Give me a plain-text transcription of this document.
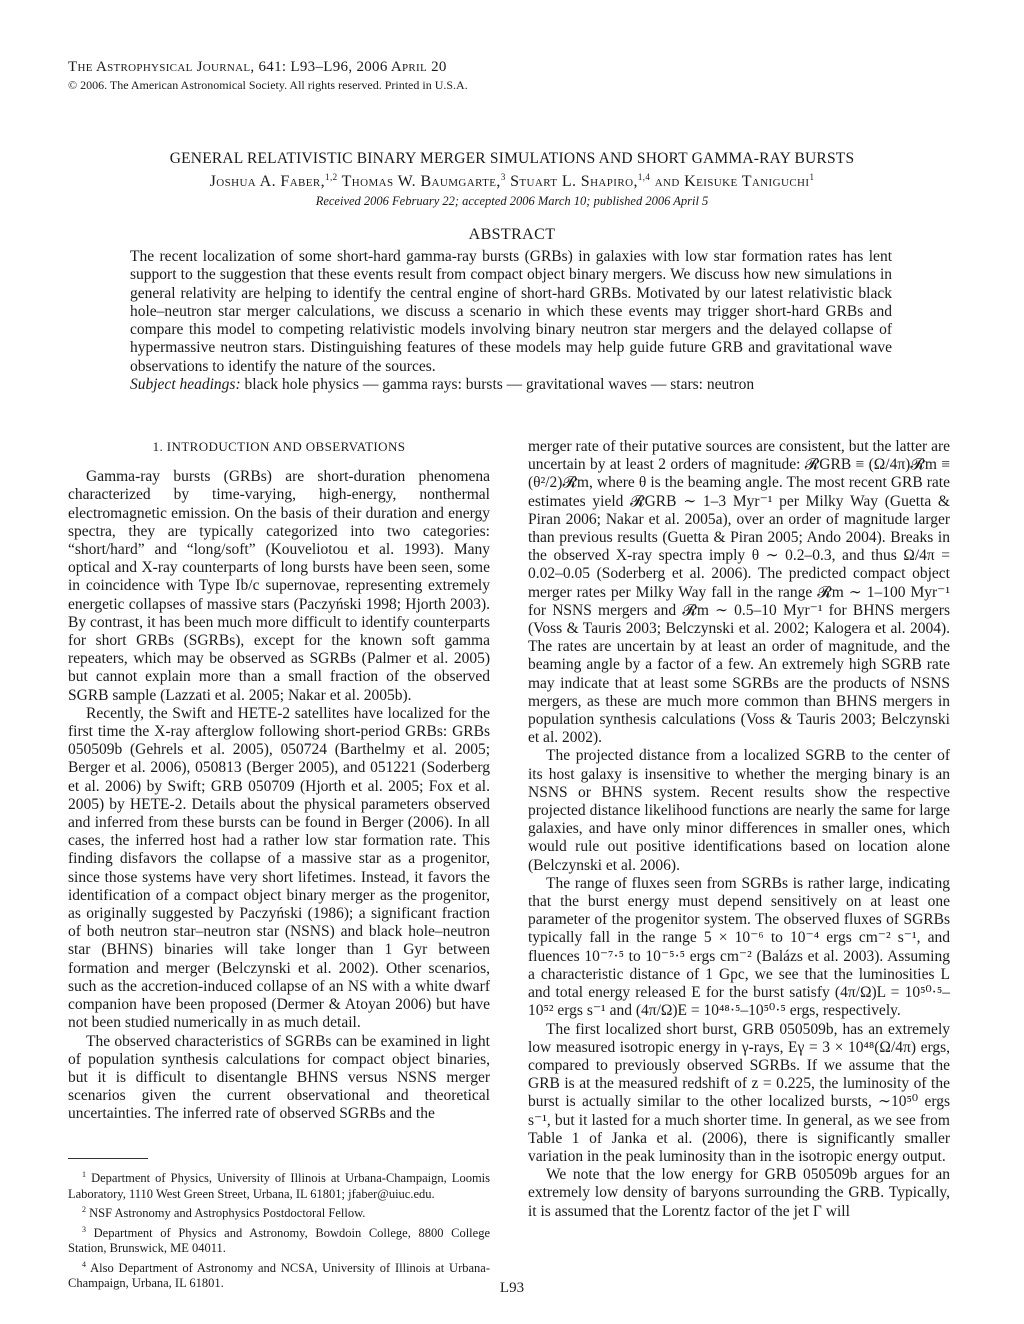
The Astrophysical Journal, 641: L93–L96, 2006 April 20
© 2006. The American Astronomical Society. All rights reserved. Printed in U.S.A.
GENERAL RELATIVISTIC BINARY MERGER SIMULATIONS AND SHORT GAMMA-RAY BURSTS
Joshua A. Faber,$^{1,2}$ Thomas W. Baumgarte,$^3$ Stuart L. Shapiro,$^{1,4}$ and Keisuke Taniguchi$^1$
Received 2006 February 22; accepted 2006 March 10; published 2006 April 5
ABSTRACT

The recent localization of some short-hard gamma-ray bursts (GRBs) in galaxies with low star formation rates has lent support to the suggestion that these events result from compact object binary mergers. We discuss how new simulations in general relativity are helping to identify the central engine of short-hard GRBs. Motivated by our latest relativistic black hole–neutron star merger calculations, we discuss a scenario in which these events may trigger short-hard GRBs and compare this model to competing relativistic models involving binary neutron star mergers and the delayed collapse of hypermassive neutron stars. Distinguishing features of these models may help guide future GRB and gravitational wave observations to identify the nature of the sources.

Subject headings: black hole physics — gamma rays: bursts — gravitational waves — stars: neutron

1. INTRODUCTION AND OBSERVATIONS

Gamma-ray bursts (GRBs) are short-duration phenomena characterized by time-varying, high-energy, nonthermal electromagnetic emission. On the basis of their duration and energy spectra, they are typically categorized into two categories: “short/hard” and “long/soft” (Kouveliotou et al. 1993). Many optical and X-ray counterparts of long bursts have been seen, some in coincidence with Type Ib/c supernovae, representing extremely energetic collapses of massive stars (Paczyński 1998; Hjorth 2003). By contrast, it has been much more difficult to identify counterparts for short GRBs (SGRBs), except for the known soft gamma repeaters, which may be observed as SGRBs (Palmer et al. 2005) but cannot explain more than a small fraction of the observed SGRB sample (Lazzati et al. 2005; Nakar et al. 2005b).

Recently, the Swift and HETE-2 satellites have localized for the first time the X-ray afterglow following short-period GRBs: GRBs 050509b (Gehrels et al. 2005), 050724 (Barthelmy et al. 2005; Berger et al. 2006), 050813 (Berger 2005), and 051221 (Soderberg et al. 2006) by Swift; GRB 050709 (Hjorth et al. 2005; Fox et al. 2005) by HETE-2. Details about the physical parameters observed and inferred from these bursts can be found in Berger (2006). In all cases, the inferred host had a rather low star formation rate. This finding disfavors the collapse of a massive star as a progenitor, since those systems have very short lifetimes. Instead, it favors the identification of a compact object binary merger as the progenitor, as originally suggested by Paczyński (1986); a significant fraction of both neutron star–neutron star (NSNS) and black hole–neutron star (BHNS) binaries will take longer than 1 Gyr between formation and merger (Belczynski et al. 2002). Other scenarios, such as the accretion-induced collapse of an NS with a white dwarf companion have been proposed (Dermer & Atoyan 2006) but have not been studied numerically in as much detail.

The observed characteristics of SGRBs can be examined in light of population synthesis calculations for compact object binaries, but it is difficult to disentangle BHNS versus NSNS merger scenarios given the current observational and theoretical uncertainties. The inferred rate of observed SGRBs and the

merger rate of their putative sources are consistent, but the latter are uncertain by at least 2 orders of magnitude: 𝓡GRB ≡ (Ω/4π)𝓡m ≡ (θ²/2)𝓡m, where θ is the beaming angle. The most recent GRB rate estimates yield 𝓡GRB ∼ 1–3 Myr⁻¹ per Milky Way (Guetta & Piran 2006; Nakar et al. 2005a), over an order of magnitude larger than previous results (Guetta & Piran 2005; Ando 2004). Breaks in the observed X-ray spectra imply θ ∼ 0.2–0.3, and thus Ω/4π = 0.02–0.05 (Soderberg et al. 2006). The predicted compact object merger rates per Milky Way fall in the range 𝓡m ∼ 1–100 Myr⁻¹ for NSNS mergers and 𝓡m ∼ 0.5–10 Myr⁻¹ for BHNS mergers (Voss & Tauris 2003; Belczynski et al. 2002; Kalogera et al. 2004). The rates are uncertain by at least an order of magnitude, and the beaming angle by a factor of a few. An extremely high SGRB rate may indicate that at least some SGRBs are the products of NSNS mergers, as these are much more common than BHNS mergers in population synthesis calculations (Voss & Tauris 2003; Belczynski et al. 2002).

The projected distance from a localized SGRB to the center of its host galaxy is insensitive to whether the merging binary is an NSNS or BHNS system. Recent results show the respective projected distance likelihood functions are nearly the same for large galaxies, and have only minor differences in smaller ones, which would rule out positive identifications based on location alone (Belczynski et al. 2006).

The range of fluxes seen from SGRBs is rather large, indicating that the burst energy must depend sensitively on at least one parameter of the progenitor system. The observed fluxes of SGRBs typically fall in the range 5 × 10⁻⁶ to 10⁻⁴ ergs cm⁻² s⁻¹, and fluences 10⁻⁷·⁵ to 10⁻⁵·⁵ ergs cm⁻² (Balázs et al. 2003). Assuming a characteristic distance of 1 Gpc, we see that the luminosities L and total energy released E for the burst satisfy (4π/Ω)L = 10⁵⁰·⁵–10⁵² ergs s⁻¹ and (4π/Ω)E = 10⁴⁸·⁵–10⁵⁰·⁵ ergs, respectively.

The first localized short burst, GRB 050509b, has an extremely low measured isotropic energy in γ-rays, Eγ = 3 × 10⁴⁸(Ω/4π) ergs, compared to previously observed SGRBs. If we assume that the GRB is at the measured redshift of z = 0.225, the luminosity of the burst is actually similar to the other localized bursts, ∼10⁵⁰ ergs s⁻¹, but it lasted for a much shorter time. In general, as we see from Table 1 of Janka et al. (2006), there is significantly smaller variation in the peak luminosity than in the isotropic energy output.

We note that the low energy for GRB 050509b argues for an extremely low density of baryons surrounding the GRB. Typically, it is assumed that the Lorentz factor of the jet Γ will

$^1$ Department of Physics, University of Illinois at Urbana-Champaign, Loomis Laboratory, 1110 West Green Street, Urbana, IL 61801; jfaber@uiuc.edu.

$^2$ NSF Astronomy and Astrophysics Postdoctoral Fellow.

$^3$ Department of Physics and Astronomy, Bowdoin College, 8800 College Station, Brunswick, ME 04011.

$^4$ Also Department of Astronomy and NCSA, University of Illinois at Urbana-Champaign, Urbana, IL 61801.	L93
